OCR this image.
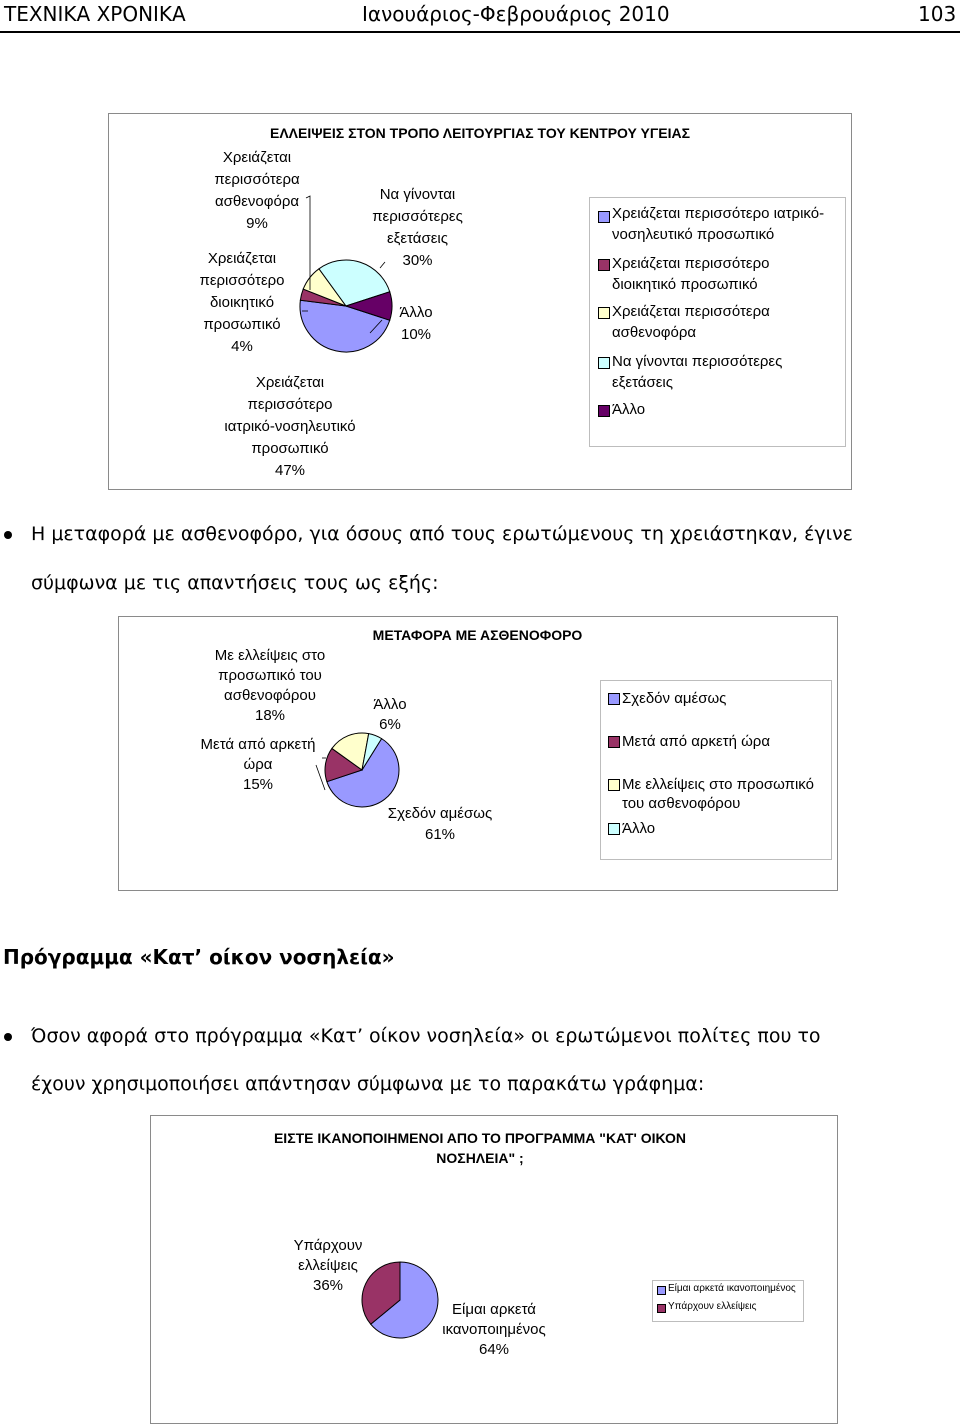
ΤΕΧΝΙΚΑ ΧΡΟΝΙΚΑ	Ιανουάριος-Φεβρουάριος 2010	103
ΕΛΛΕΙΨΕΙΣ ΣΤΟΝ ΤΡΟΠΟ ΛΕΙΤΟΥΡΓΙΑΣ ΤΟΥ ΚΕΝΤΡΟΥ ΥΓΕΙΑΣ
Χρειάζεται
περισσότερα
ασθενοφόρα
9%
Χρειάζεται
περισσότερο
διοικητικό
προσωπικό
4%
Χρειάζεται
περισσότερο
ιατρικό-νοσηλευτικό
προσωπικό
47%
Να γίνονται
περισσότερες
εξετάσεις
30%
Άλλο
10%
Χρειάζεται περισσότερο ιατρικό-νοσηλευτικό προσωπικό
Χρειάζεται περισσότερο διοικητικό προσωπικό
Χρειάζεται περισσότερα ασθενοφόρα
Να γίνονται περισσότερες εξετάσεις
Άλλο
Η μεταφορά με ασθενοφόρο, για όσους από τους ερωτώμενους τη χρειάστηκαν, έγινε
σύμφωνα με τις απαντήσεις τους ως εξής:
ΜΕΤΑΦΟΡΑ ΜΕ ΑΣΘΕΝΟΦΟΡΟ
Με ελλείψεις στο
προσωπικό του
ασθενοφόρου
18%
Μετά από αρκετή
ώρα
15%
Άλλο
6%
Σχεδόν αμέσως
61%
Σχεδόν αμέσως
Μετά από αρκετή ώρα
Με ελλείψεις στο προσωπικό του ασθενοφόρου
Άλλο
Πρόγραμμα «Κατ’ οίκον νοσηλεία»
Όσον αφορά στο πρόγραμμα «Κατ’ οίκον νοσηλεία» οι ερωτώμενοι πολίτες που το
έχουν χρησιμοποιήσει απάντησαν σύμφωνα με το παρακάτω γράφημα:
ΕΙΣΤΕ ΙΚΑΝΟΠΟΙΗΜΕΝΟΙ ΑΠΟ ΤΟ ΠΡΟΓΡΑΜΜΑ "ΚΑΤ' ΟΙΚΟΝ
ΝΟΣΗΛΕΙΑ" ;
Υπάρχουν
ελλείψεις
36%
Είμαι αρκετά
ικανοποιημένος
64%
Είμαι αρκετά ικανοποιημένος
Υπάρχουν ελλείψεις
